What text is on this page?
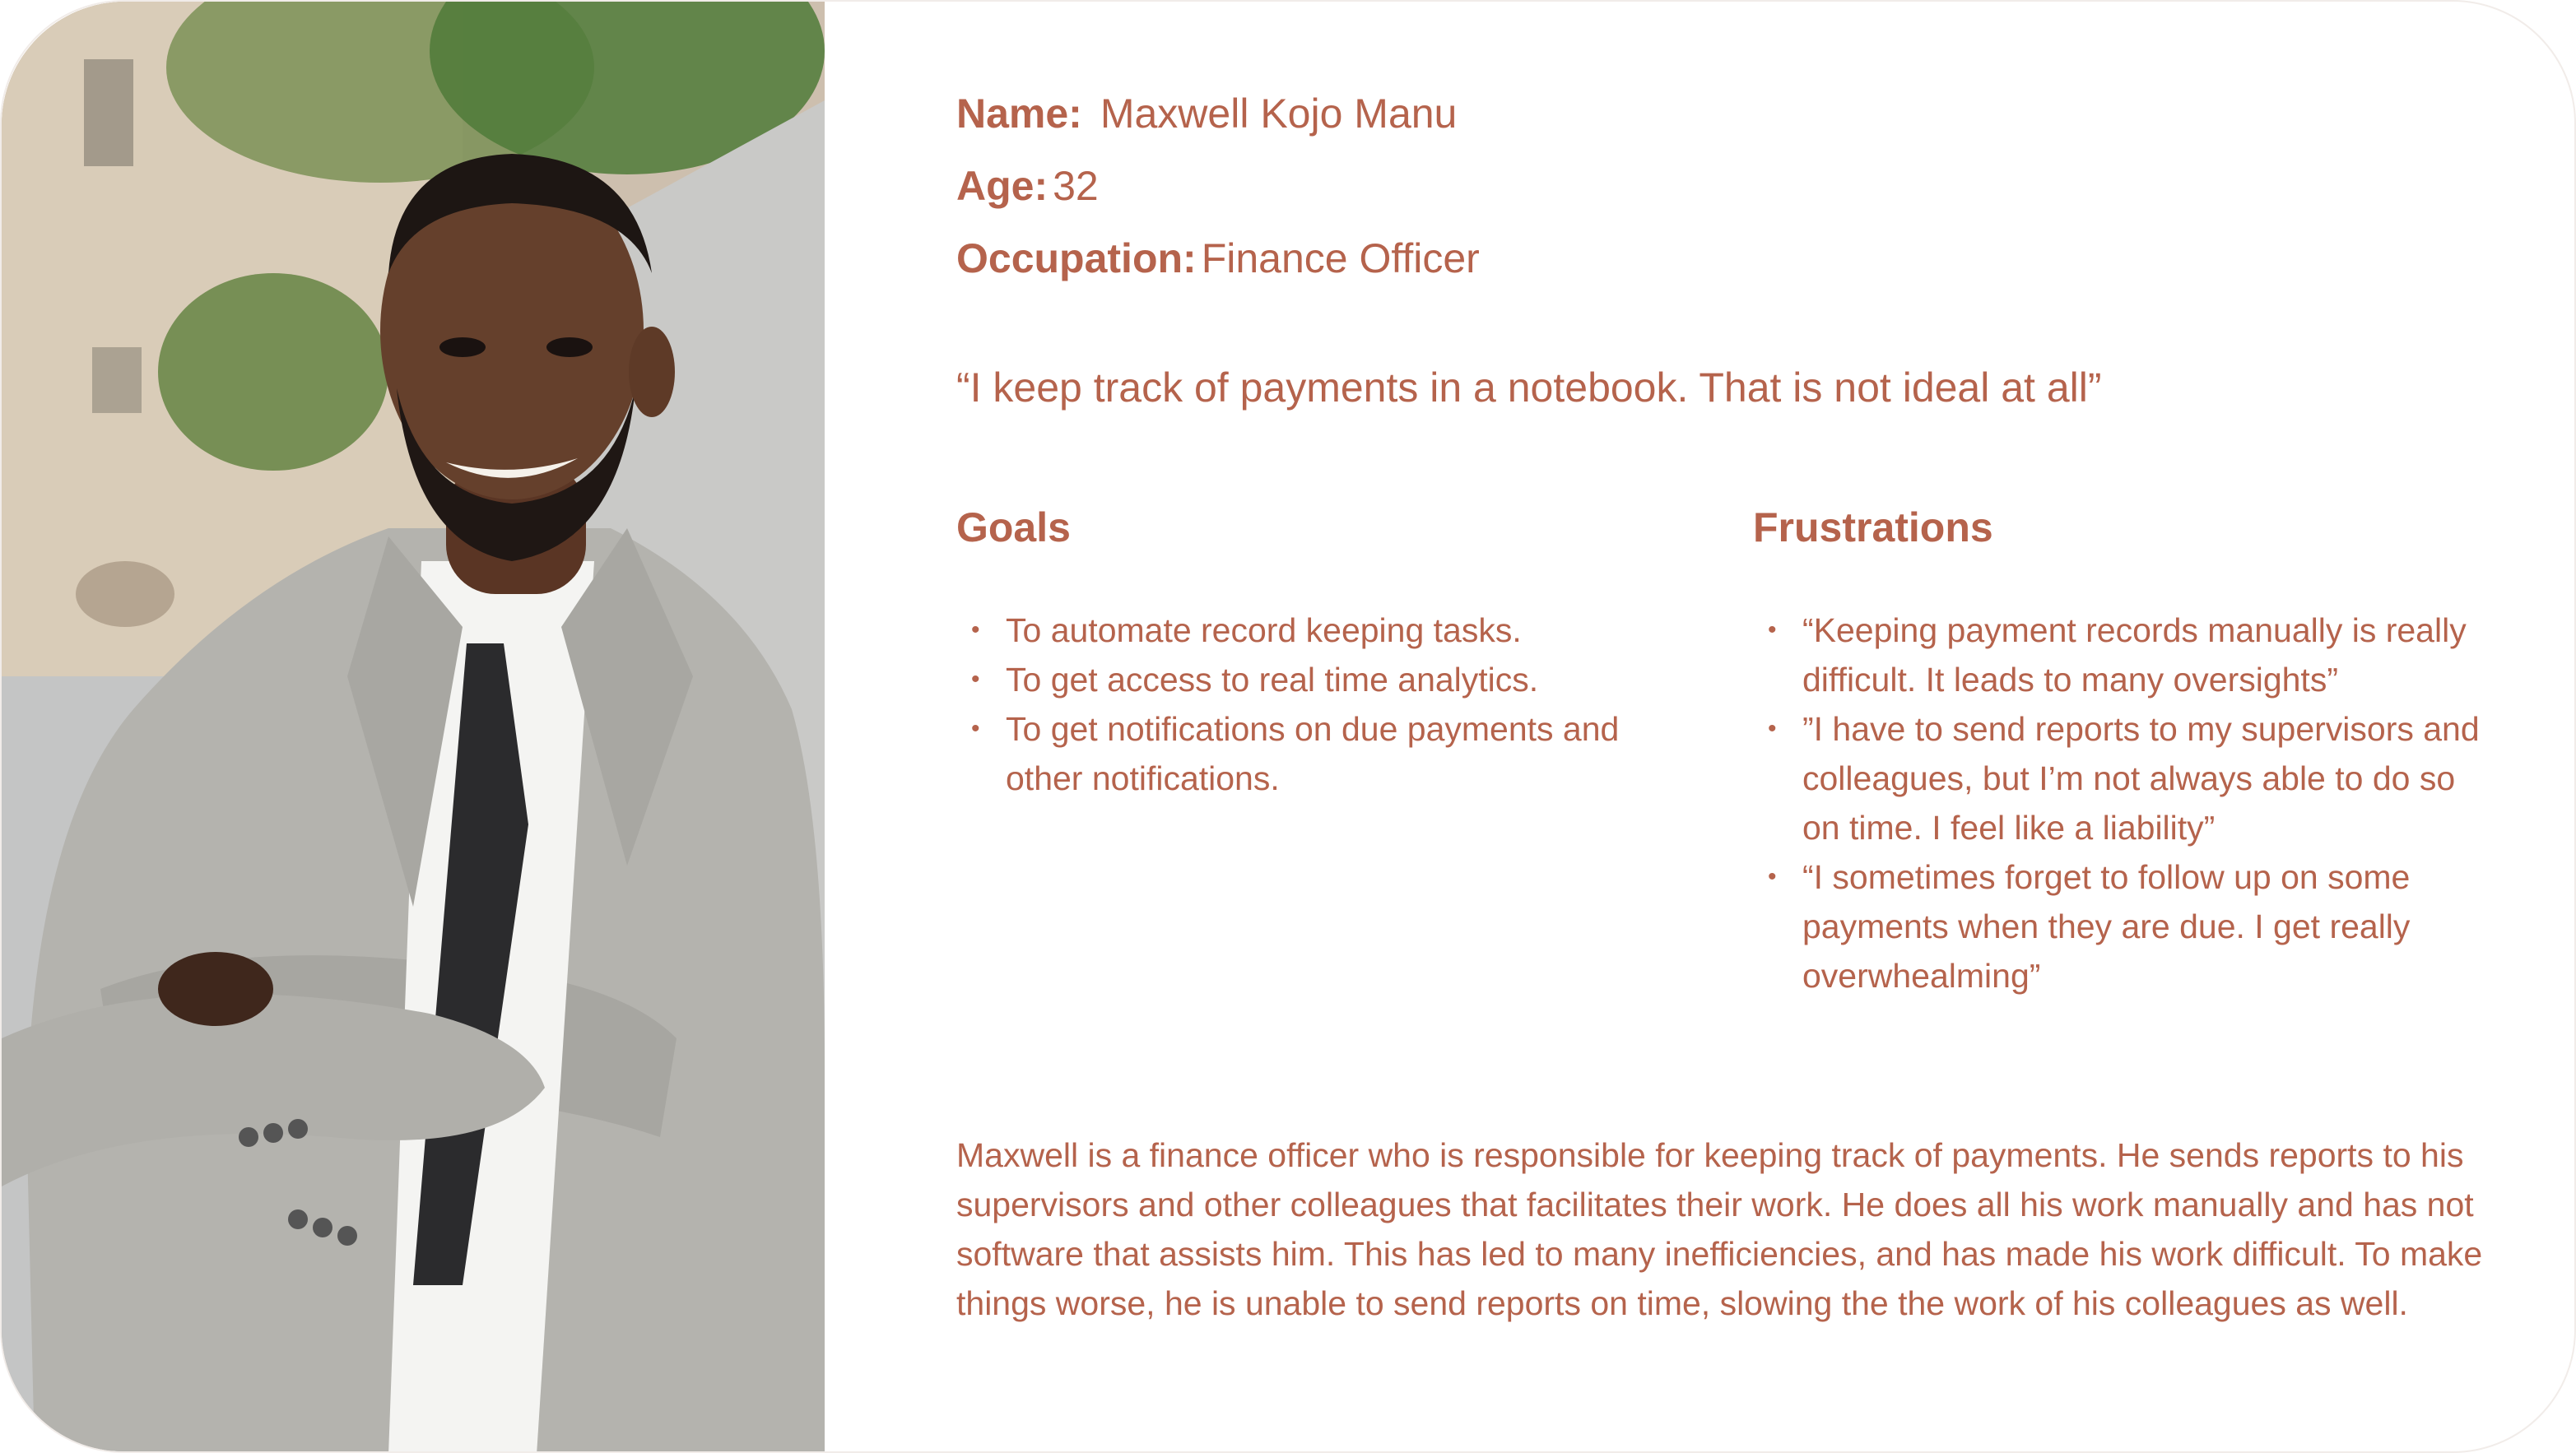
Name: Maxwell Kojo Manu
Age: 32
Occupation: Finance Officer
“I keep track of payments in a notebook. That is not ideal at all”
Goals
• To automate record keeping tasks.
• To get access to real time analytics.
• To get notifications on due payments and other notifications.
Frustrations
• “Keeping payment records manually is really difficult. It leads to many oversights”
• ”I have to send reports to my supervisors and colleagues, but I’m not always able to do so on time. I feel like a liability”
• “I sometimes forget to follow up on some payments when they are due. I get really overwhealming”
Maxwell is a finance officer who is responsible for keeping track of payments. He sends reports to his supervisors and other colleagues that facilitates their work. He does all his work manually and has not software that assists him. This has led to many inefficiencies, and has made his work difficult. To make things worse, he is unable to send reports on time, slowing the the work of his colleagues as well.
